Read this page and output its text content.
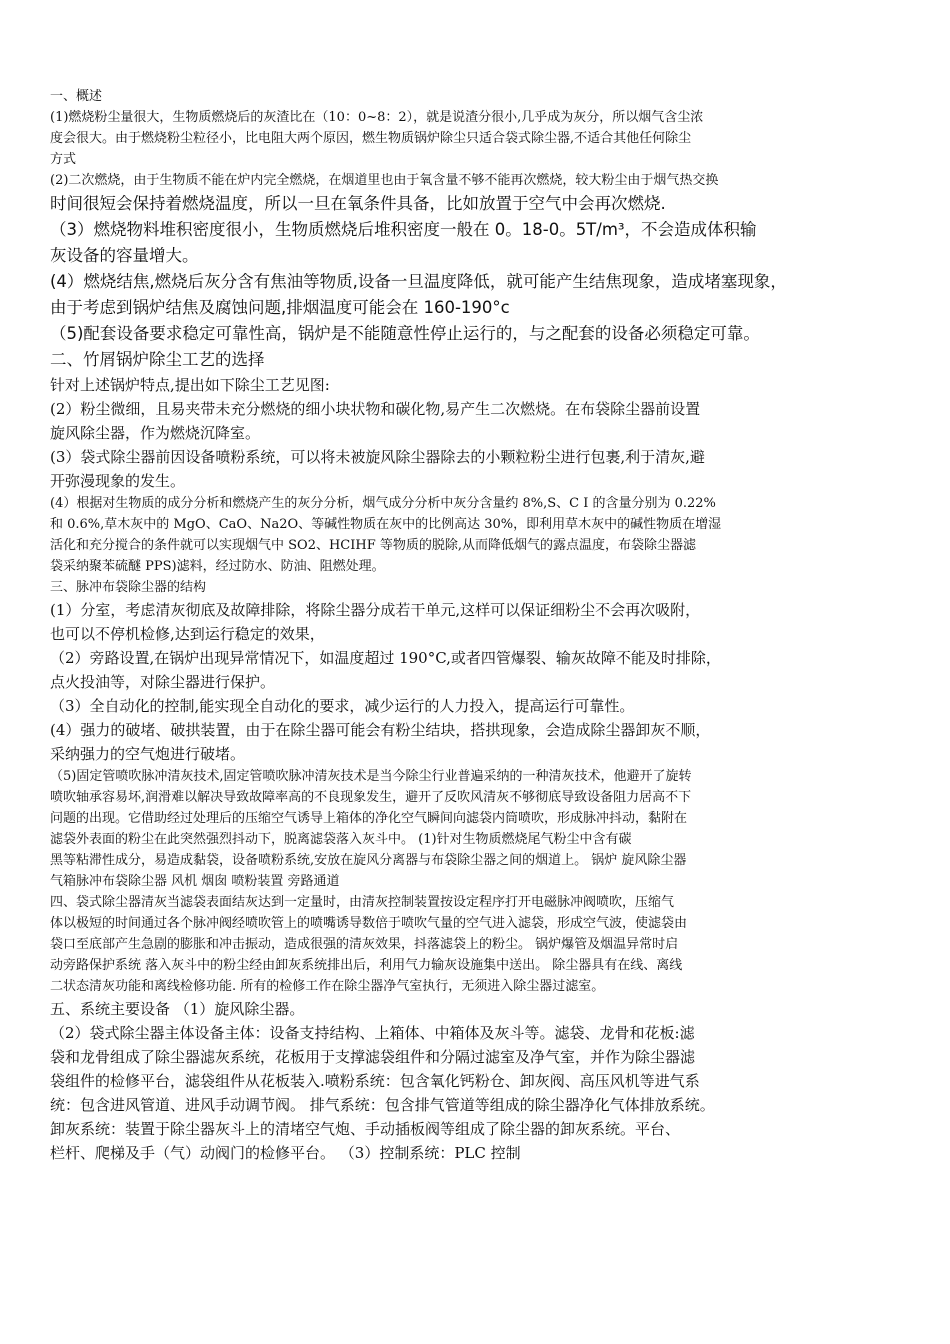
一、概述

(1)燃烧粉尘量很大，生物质燃烧后的灰渣比在（10：0~8：2），就是说渣分很小,几乎成为灰分，所以烟气含尘浓

度会很大。由于燃烧粉尘粒径小，比电阻大两个原因，燃生物质锅炉除尘只适合袋式除尘器,不适合其他任何除尘

方式

(2)二次燃烧，由于生物质不能在炉内完全燃烧，在烟道里也由于氧含量不够不能再次燃烧，较大粉尘由于烟气热交换

时间很短会保持着燃烧温度，所以一旦在氧条件具备，比如放置于空气中会再次燃烧.

（3）燃烧物料堆积密度很小，生物质燃烧后堆积密度一般在 0。18-0。5T/m³，不会造成体积输

灰设备的容量增大。

(4）燃烧结焦,燃烧后灰分含有焦油等物质,设备一旦温度降低，就可能产生结焦现象，造成堵塞现象，

由于考虑到锅炉结焦及腐蚀问题,排烟温度可能会在 160-190°c

（5)配套设备要求稳定可靠性高，锅炉是不能随意性停止运行的，与之配套的设备必须稳定可靠。

二、竹屑锅炉除尘工艺的选择

针对上述锅炉特点,提出如下除尘工艺见图:

(2）粉尘微细，且易夹带未充分燃烧的细小块状物和碳化物,易产生二次燃烧。在布袋除尘器前设置

旋风除尘器，作为燃烧沉降室。

(3）袋式除尘器前因设备喷粉系统，可以将未被旋风除尘器除去的小颗粒粉尘进行包裹,利于清灰,避

开弥漫现象的发生。

(4）根据对生物质的成分分析和燃烧产生的灰分分析，烟气成分分析中灰分含量约 8%,S、C I 的含量分别为 0.22%

和 0.6%,草木灰中的 MgO、CaO、Na2O、等碱性物质在灰中的比例高达 30%，即利用草木灰中的碱性物质在增湿

活化和充分搅合的条件就可以实现烟气中 SO2、HCIHF 等物质的脱除,从而降低烟气的露点温度，布袋除尘器滤

袋采纳聚苯硫醚 PPS)滤料，经过防水、防油、阻燃处理。

三、脉冲布袋除尘器的结构

(1）分室，考虑清灰彻底及故障排除，将除尘器分成若干单元,这样可以保证细粉尘不会再次吸附，

也可以不停机检修,达到运行稳定的效果，

（2）旁路设置,在锅炉出现异常情况下，如温度超过 190°C,或者四管爆裂、输灰故障不能及时排除，

点火投油等，对除尘器进行保护。

（3）全自动化的控制,能实现全自动化的要求，减少运行的人力投入，提高运行可靠性。

(4）强力的破堵、破拱装置，由于在除尘器可能会有粉尘结块，搭拱现象，会造成除尘器卸灰不顺，

采纳强力的空气炮进行破堵。

（5)固定管喷吹脉冲清灰技术,固定管喷吹脉冲清灰技术是当今除尘行业普遍采纳的一种清灰技术，他避开了旋转

喷吹轴承容易坏,润滑难以解决导致故障率高的不良现象发生，避开了反吹风清灰不够彻底导致设备阻力居高不下

问题的出现。它借助经过处理后的压缩空气诱导上箱体的净化空气瞬间向滤袋内筒喷吹，形成脉冲抖动，黏附在

滤袋外表面的粉尘在此突然强烈抖动下，脱离滤袋落入灰斗中。 (1)针对生物质燃烧尾气粉尘中含有碳

黑等粘滞性成分，易造成黏袋，设备喷粉系统,安放在旋风分离器与布袋除尘器之间的烟道上。 锅炉 旋风除尘器

气箱脉冲布袋除尘器 风机 烟囱 喷粉装置 旁路通道

四、袋式除尘器清灰当滤袋表面结灰达到一定量时，由清灰控制装置按设定程序打开电磁脉冲阀喷吹，压缩气

体以极短的时间通过各个脉冲阀经喷吹管上的喷嘴诱导数倍于喷吹气量的空气进入滤袋，形成空气波，使滤袋由

袋口至底部产生急剧的膨胀和冲击振动，造成很强的清灰效果，抖落滤袋上的粉尘。 锅炉爆管及烟温异常时启

动旁路保护系统 落入灰斗中的粉尘经由卸灰系统排出后，利用气力输灰设施集中送出。 除尘器具有在线、离线

二状态清灰功能和离线检修功能. 所有的检修工作在除尘器净气室执行，无须进入除尘器过滤室。

五、系统主要设备 （1）旋风除尘器。

（2）袋式除尘器主体设备主体：设备支持结构、上箱体、中箱体及灰斗等。滤袋、龙骨和花板:滤

袋和龙骨组成了除尘器滤灰系统，花板用于支撑滤袋组件和分隔过滤室及净气室，并作为除尘器滤

袋组件的检修平台，滤袋组件从花板装入.喷粉系统：包含氧化钙粉仓、卸灰阀、高压风机等进气系

统：包含进风管道、进风手动调节阀。 排气系统：包含排气管道等组成的除尘器净化气体排放系统。

卸灰系统：装置于除尘器灰斗上的清堵空气炮、手动插板阀等组成了除尘器的卸灰系统。平台、

栏杆、爬梯及手（气）动阀门的检修平台。 （3）控制系统：PLC 控制
